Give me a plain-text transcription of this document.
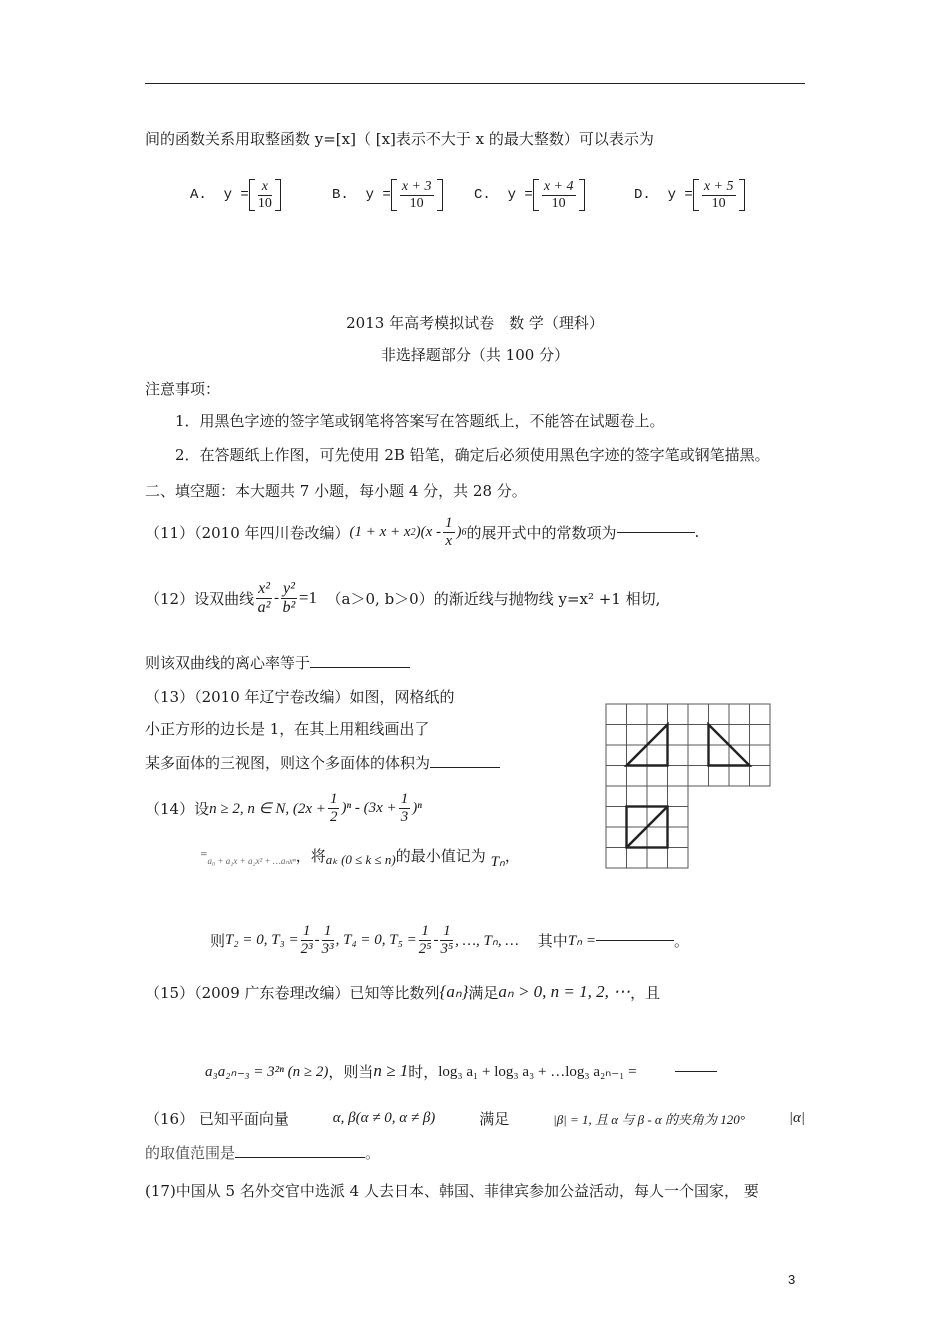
间的函数关系用取整函数 y=[x]（ [x]表示不大于 x 的最大整数）可以表示为
A.
$y = \frac{x}{10}$	B.
$y = \frac{x + 3}{10}$	C.
$y = \frac{x + 4}{10}$	D.
$y = \frac{x + 5}{10}$
2013 年高考模拟试卷　数 学（理科）
非选择题部分（共 100 分）
注意事项：
1．用黑色字迹的签字笔或钢笔将答案写在答题纸上，不能答在试题卷上。
2．在答题纸上作图，可先使用 2B 铅笔，确定后必须使用黑色字迹的签字笔或钢笔描黑。
二、填空题：本大题共 7 小题，每小题 4 分，共 28 分。
（11）（2010 年四川卷改编） (1 + x + x 2 )($x - \frac{1}{x}$ ) 6 的展开式中的常数项为	.
（12）设双曲线 $\frac{\text{x²}}{\text{a²}} - \frac{\text{y²}}{\text{b²}} =1$
（a＞0, b＞0）的渐近线与抛物线 y=x² +1 相切,
则该双曲线的离心率等于
（13）（2010 年辽宁卷改编）如图，网格纸的
小正方形的边长是 1，在其上用粗线画出了
某多面体的三视图，则这个多面体的体积为
（14）设 n ≥ 2, n ∈ N, $(2x + \frac{1}{2} )^n - (3x + \frac{1}{3} )^n$
=
a₀ + a₁x + a₂x² + …aₙxⁿ ，将 aₖ (0 ≤ k ≤ n) 的最小值记为
Tₙ ，
则 T₂ = 0, $T_3 = \frac{1}{\text{2³}} - \frac{1}{\text{3³}}$ , T₄ = 0, $T_5 = \frac{1}{\text{2⁵}} - \frac{1}{\text{3⁵}}$ , …, Tₙ, …
其中 Tₙ =	。
（15）（2009 广东卷理改编）已知等比数列 {aₙ} 满足 aₙ > 0, n = 1, 2, ⋯ ，且
a₃a₂ₙ₋₃ = 3²ⁿ (n ≥ 2) ，则当 n ≥ 1 时， log₃ a₁ + log₃ a₃ + …log₃ a₂ₙ₋₁ =

（16） 已知平面向量	α, β(α ≠ 0, α ≠ β)	满足	|β| = 1, 且 α 与 β - α 的夹角为 120°	|α|
的取值范围是	。
(17)中国从 5 名外交官中选派 4 人去日本、韩国、菲律宾参加公益活动，每人一个国家， 要
3
